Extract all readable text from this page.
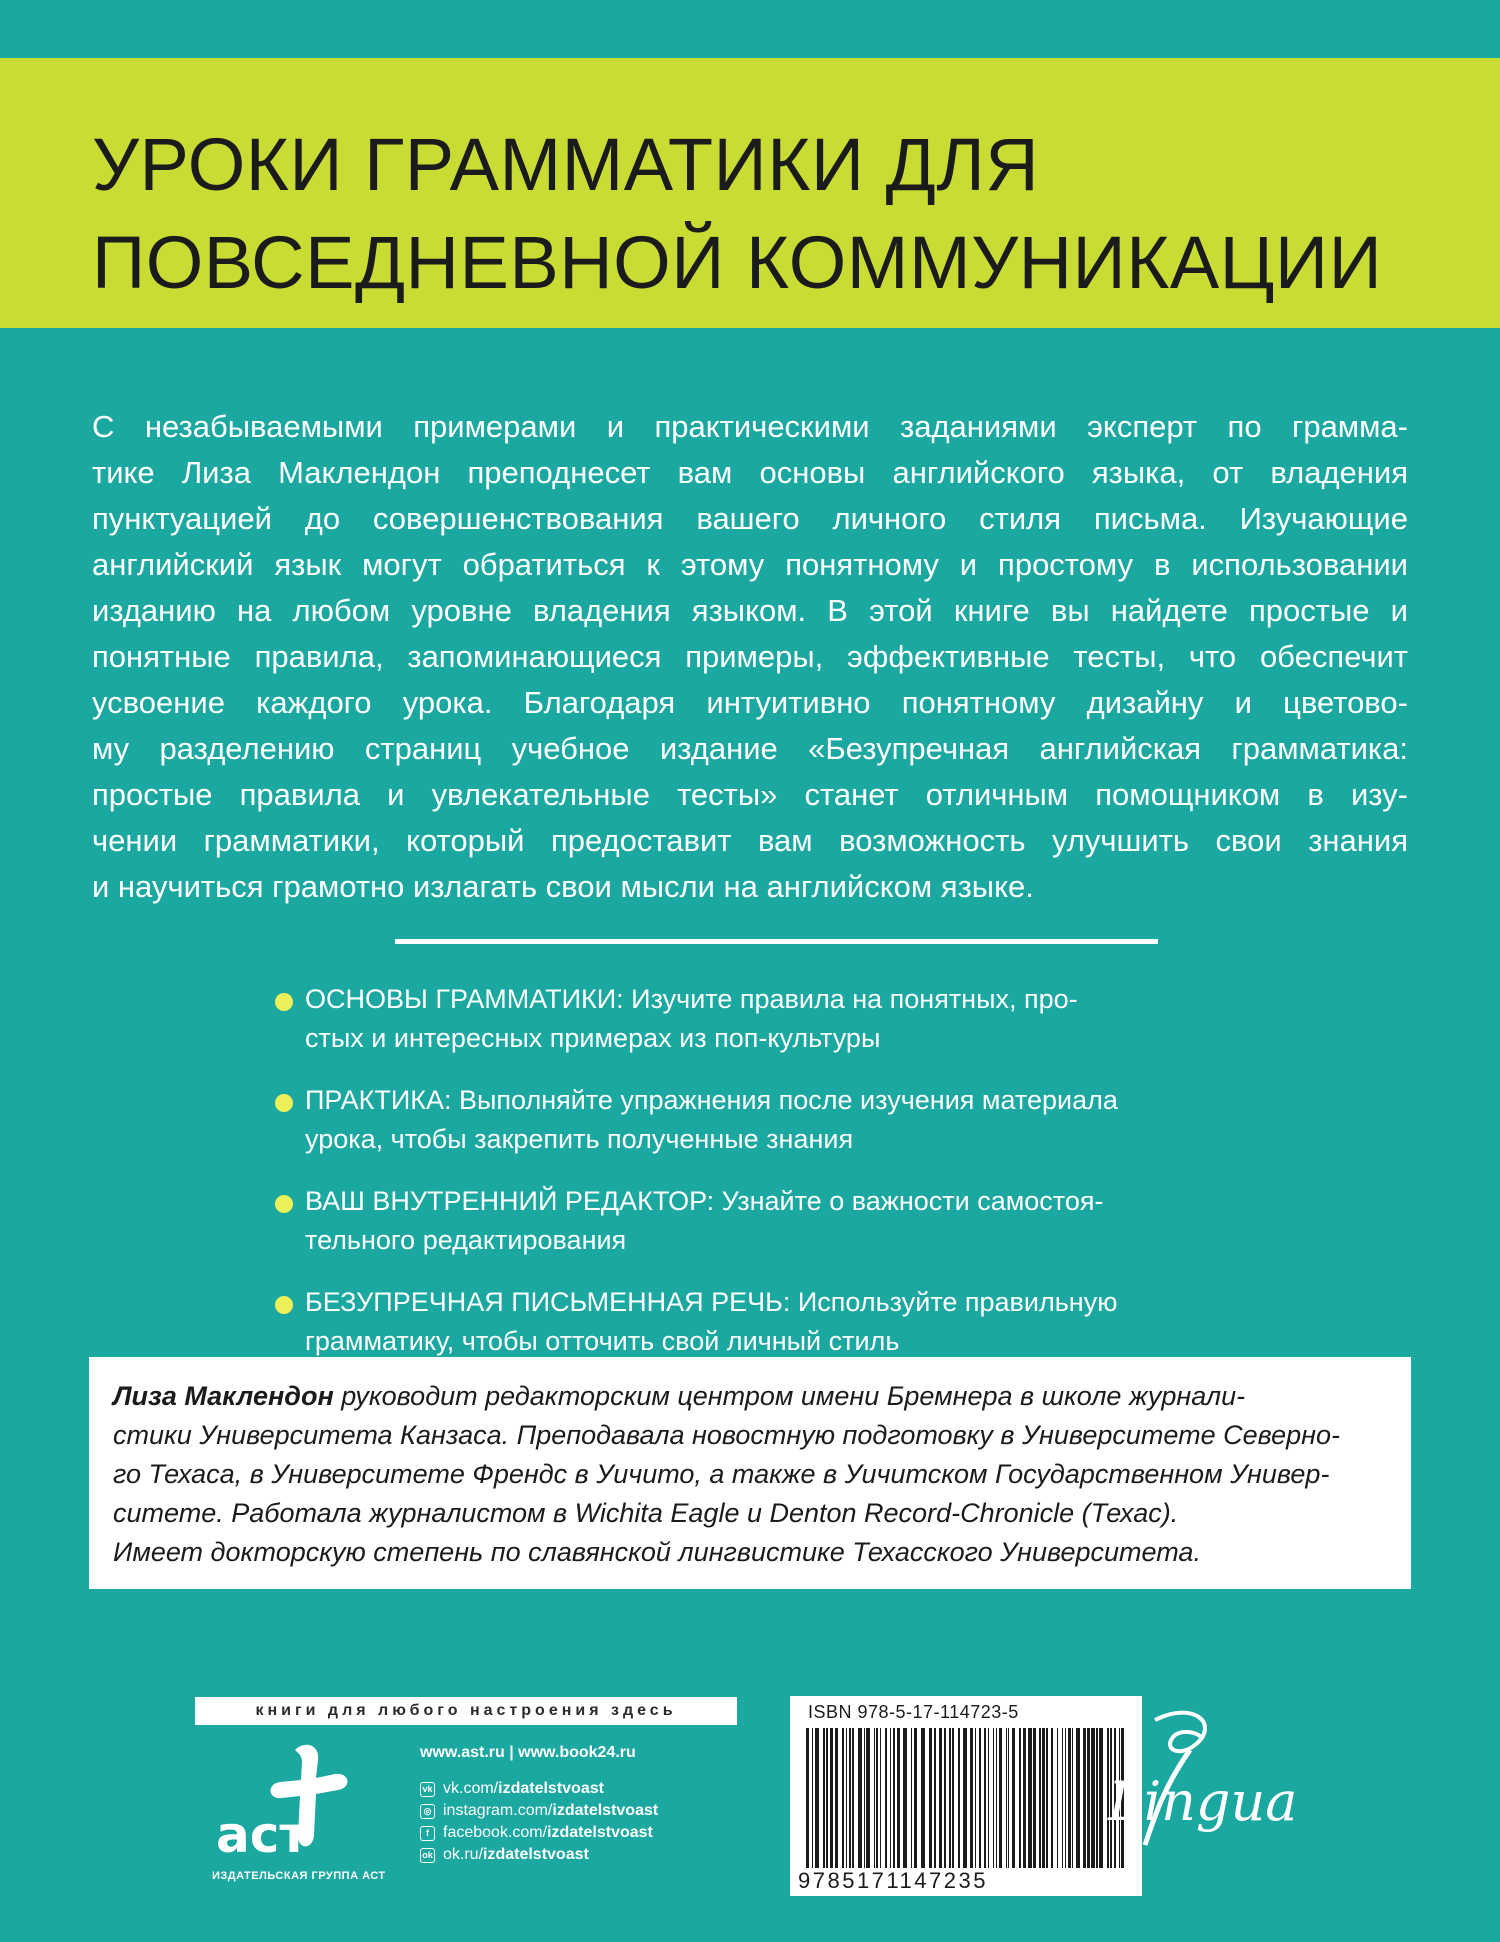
УРОКИ ГРАММАТИКИ ДЛЯ
ПОВСЕДНЕВНОЙ КОММУНИКАЦИИ
С незабываемыми примерами и практическими заданиями эксперт по грамма-
тике Лиза Маклендон преподнесет вам основы английского языка, от владения
пунктуацией до совершенствования вашего личного стиля письма. Изучающие
английский язык могут обратиться к этому понятному и простому в использовании
изданию на любом уровне владения языком. В этой книге вы найдете простые и
понятные правила, запоминающиеся примеры, эффективные тесты, что обеспечит
усвоение каждого урока. Благодаря интуитивно понятному дизайну и цветово-
му разделению страниц учебное издание «Безупречная английская грамматика:
простые правила и увлекательные тесты» станет отличным помощником в изу-
чении грамматики, который предоставит вам возможность улучшить свои знания
и научиться грамотно излагать свои мысли на английском языке.
ОСНОВЫ ГРАММАТИКИ: Изучите правила на понятных, про-
стых и интересных примерах из поп-культуры
ПРАКТИКА: Выполняйте упражнения после изучения материала
урока, чтобы закрепить полученные знания
ВАШ ВНУТРЕННИЙ РЕДАКТОР: Узнайте о важности самостоя-
тельного редактирования
БЕЗУПРЕЧНАЯ ПИСЬМЕННАЯ РЕЧЬ: Используйте правильную
грамматику, чтобы отточить свой личный стиль
Лиза Маклендон руководит редакторским центром имени Бремнера в школе журнали-
стики Университета Канзаса. Преподавала новостную подготовку в Университете Северно-
го Техаса, в Университете Френдс в Уичито, а также в Уичитском Государственном Универ-
ситете. Работала журналистом в Wichita Eagle и Denton Record-Chronicle (Техас).
Имеет докторскую степень по славянской лингвистике Техасского Университета.
книги для любого настроения здесь
аст
ИЗДАТЕЛЬСКАЯ ГРУППА АСТ
www.ast.ru | www.book24.ru
vk vk.com/ izdatelstvoast
◎ instagram.com/ izdatelstvoast
f facebook.com/ izdatelstvoast
ok ok.ru/ izdatelstvoast
ISBN 978-5-17-114723-5
9785171147235
Lingua
